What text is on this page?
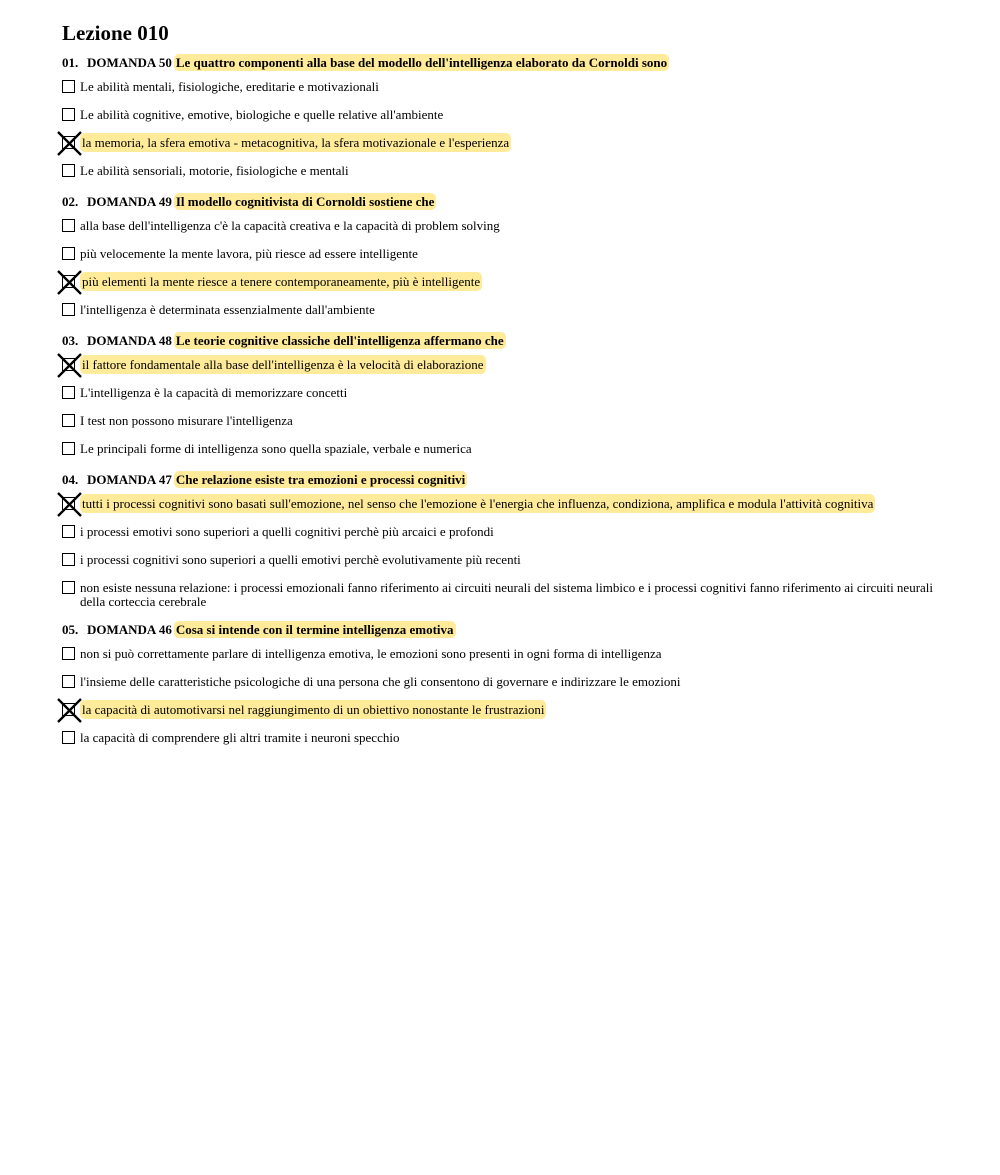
Lezione 010
01. DOMANDA 50 Le quattro componenti alla base del modello dell'intelligenza elaborato da Cornoldi sono
Le abilità mentali, fisiologiche, ereditarie e motivazionali
Le abilità cognitive, emotive, biologiche e quelle relative all'ambiente
la memoria, la sfera emotiva - metacognitiva, la sfera motivazionale e l'esperienza
Le abilità sensoriali, motorie, fisiologiche e mentali
02. DOMANDA 49 Il modello cognitivista di Cornoldi sostiene che
alla base dell'intelligenza c'è la capacità creativa e la capacità di problem solving
più velocemente la mente lavora, più riesce ad essere intelligente
più elementi la mente riesce a tenere contemporaneamente, più è intelligente
l'intelligenza è determinata essenzialmente dall'ambiente
03. DOMANDA 48 Le teorie cognitive classiche dell'intelligenza affermano che
il fattore fondamentale alla base dell'intelligenza è la velocità di elaborazione
L'intelligenza è la capacità di memorizzare concetti
I test non possono misurare l'intelligenza
Le principali forme di intelligenza sono quella spaziale, verbale e numerica
04. DOMANDA 47 Che relazione esiste tra emozioni e processi cognitivi
tutti i processi cognitivi sono basati sull'emozione, nel senso che l'emozione è l'energia che influenza, condiziona, amplifica e modula l'attività cognitiva
i processi emotivi sono superiori a quelli cognitivi perchè più arcaici e profondi
i processi cognitivi sono superiori a quelli emotivi perchè evolutivamente più recenti
non esiste nessuna relazione: i processi emozionali fanno riferimento ai circuiti neurali del sistema limbico e i processi cognitivi fanno riferimento ai circuiti neurali della corteccia cerebrale
05. DOMANDA 46 Cosa si intende con il termine intelligenza emotiva
non si può correttamente parlare di intelligenza emotiva, le emozioni sono presenti in ogni forma di intelligenza
l'insieme delle caratteristiche psicologiche di una persona che gli consentono di governare e indirizzare le emozioni
la capacità di automotivarsi nel raggiungimento di un obiettivo nonostante le frustrazioni
la capacità di comprendere gli altri tramite i neuroni specchio
